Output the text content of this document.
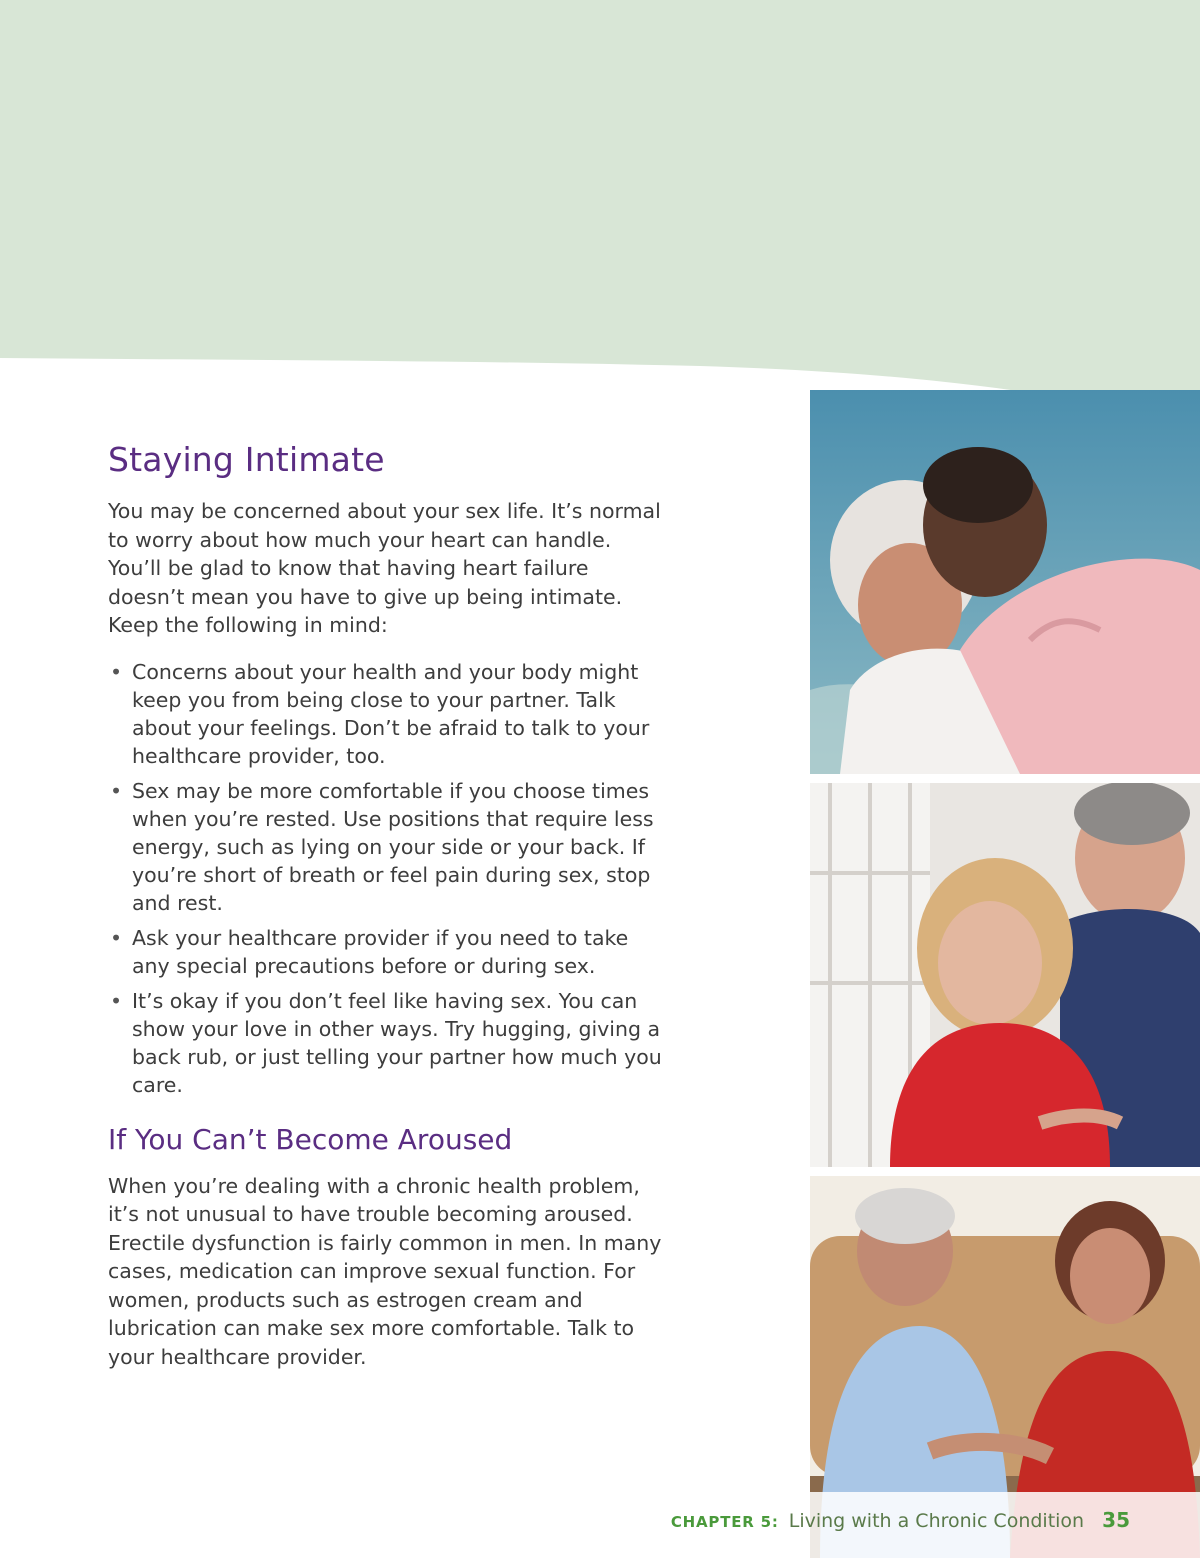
Staying Intimate

You may be concerned about your sex life. It’s normal to worry about how much your heart can handle. You’ll be glad to know that having heart failure doesn’t mean you have to give up being intimate. Keep the following in mind:

• Concerns about your health and your body might keep you from being close to your partner. Talk about your feelings. Don’t be afraid to talk to your healthcare provider, too.
• Sex may be more comfortable if you choose times when you’re rested. Use positions that require less energy, such as lying on your side or your back. If you’re short of breath or feel pain during sex, stop and rest.
• Ask your healthcare provider if you need to take any special precautions before or during sex.
• It’s okay if you don’t feel like having sex. You can show your love in other ways. Try hugging, giving a back rub, or just telling your partner how much you care.
If You Can’t Become Aroused

When you’re dealing with a chronic health problem, it’s not unusual to have trouble becoming aroused. Erectile dysfunction is fairly common in men. In many cases, medication can improve sexual function. For women, products such as estrogen cream and lubrication can make sex more comfortable. Talk to your healthcare provider.

CHAPTER 5: Living with a Chronic Condition 35
